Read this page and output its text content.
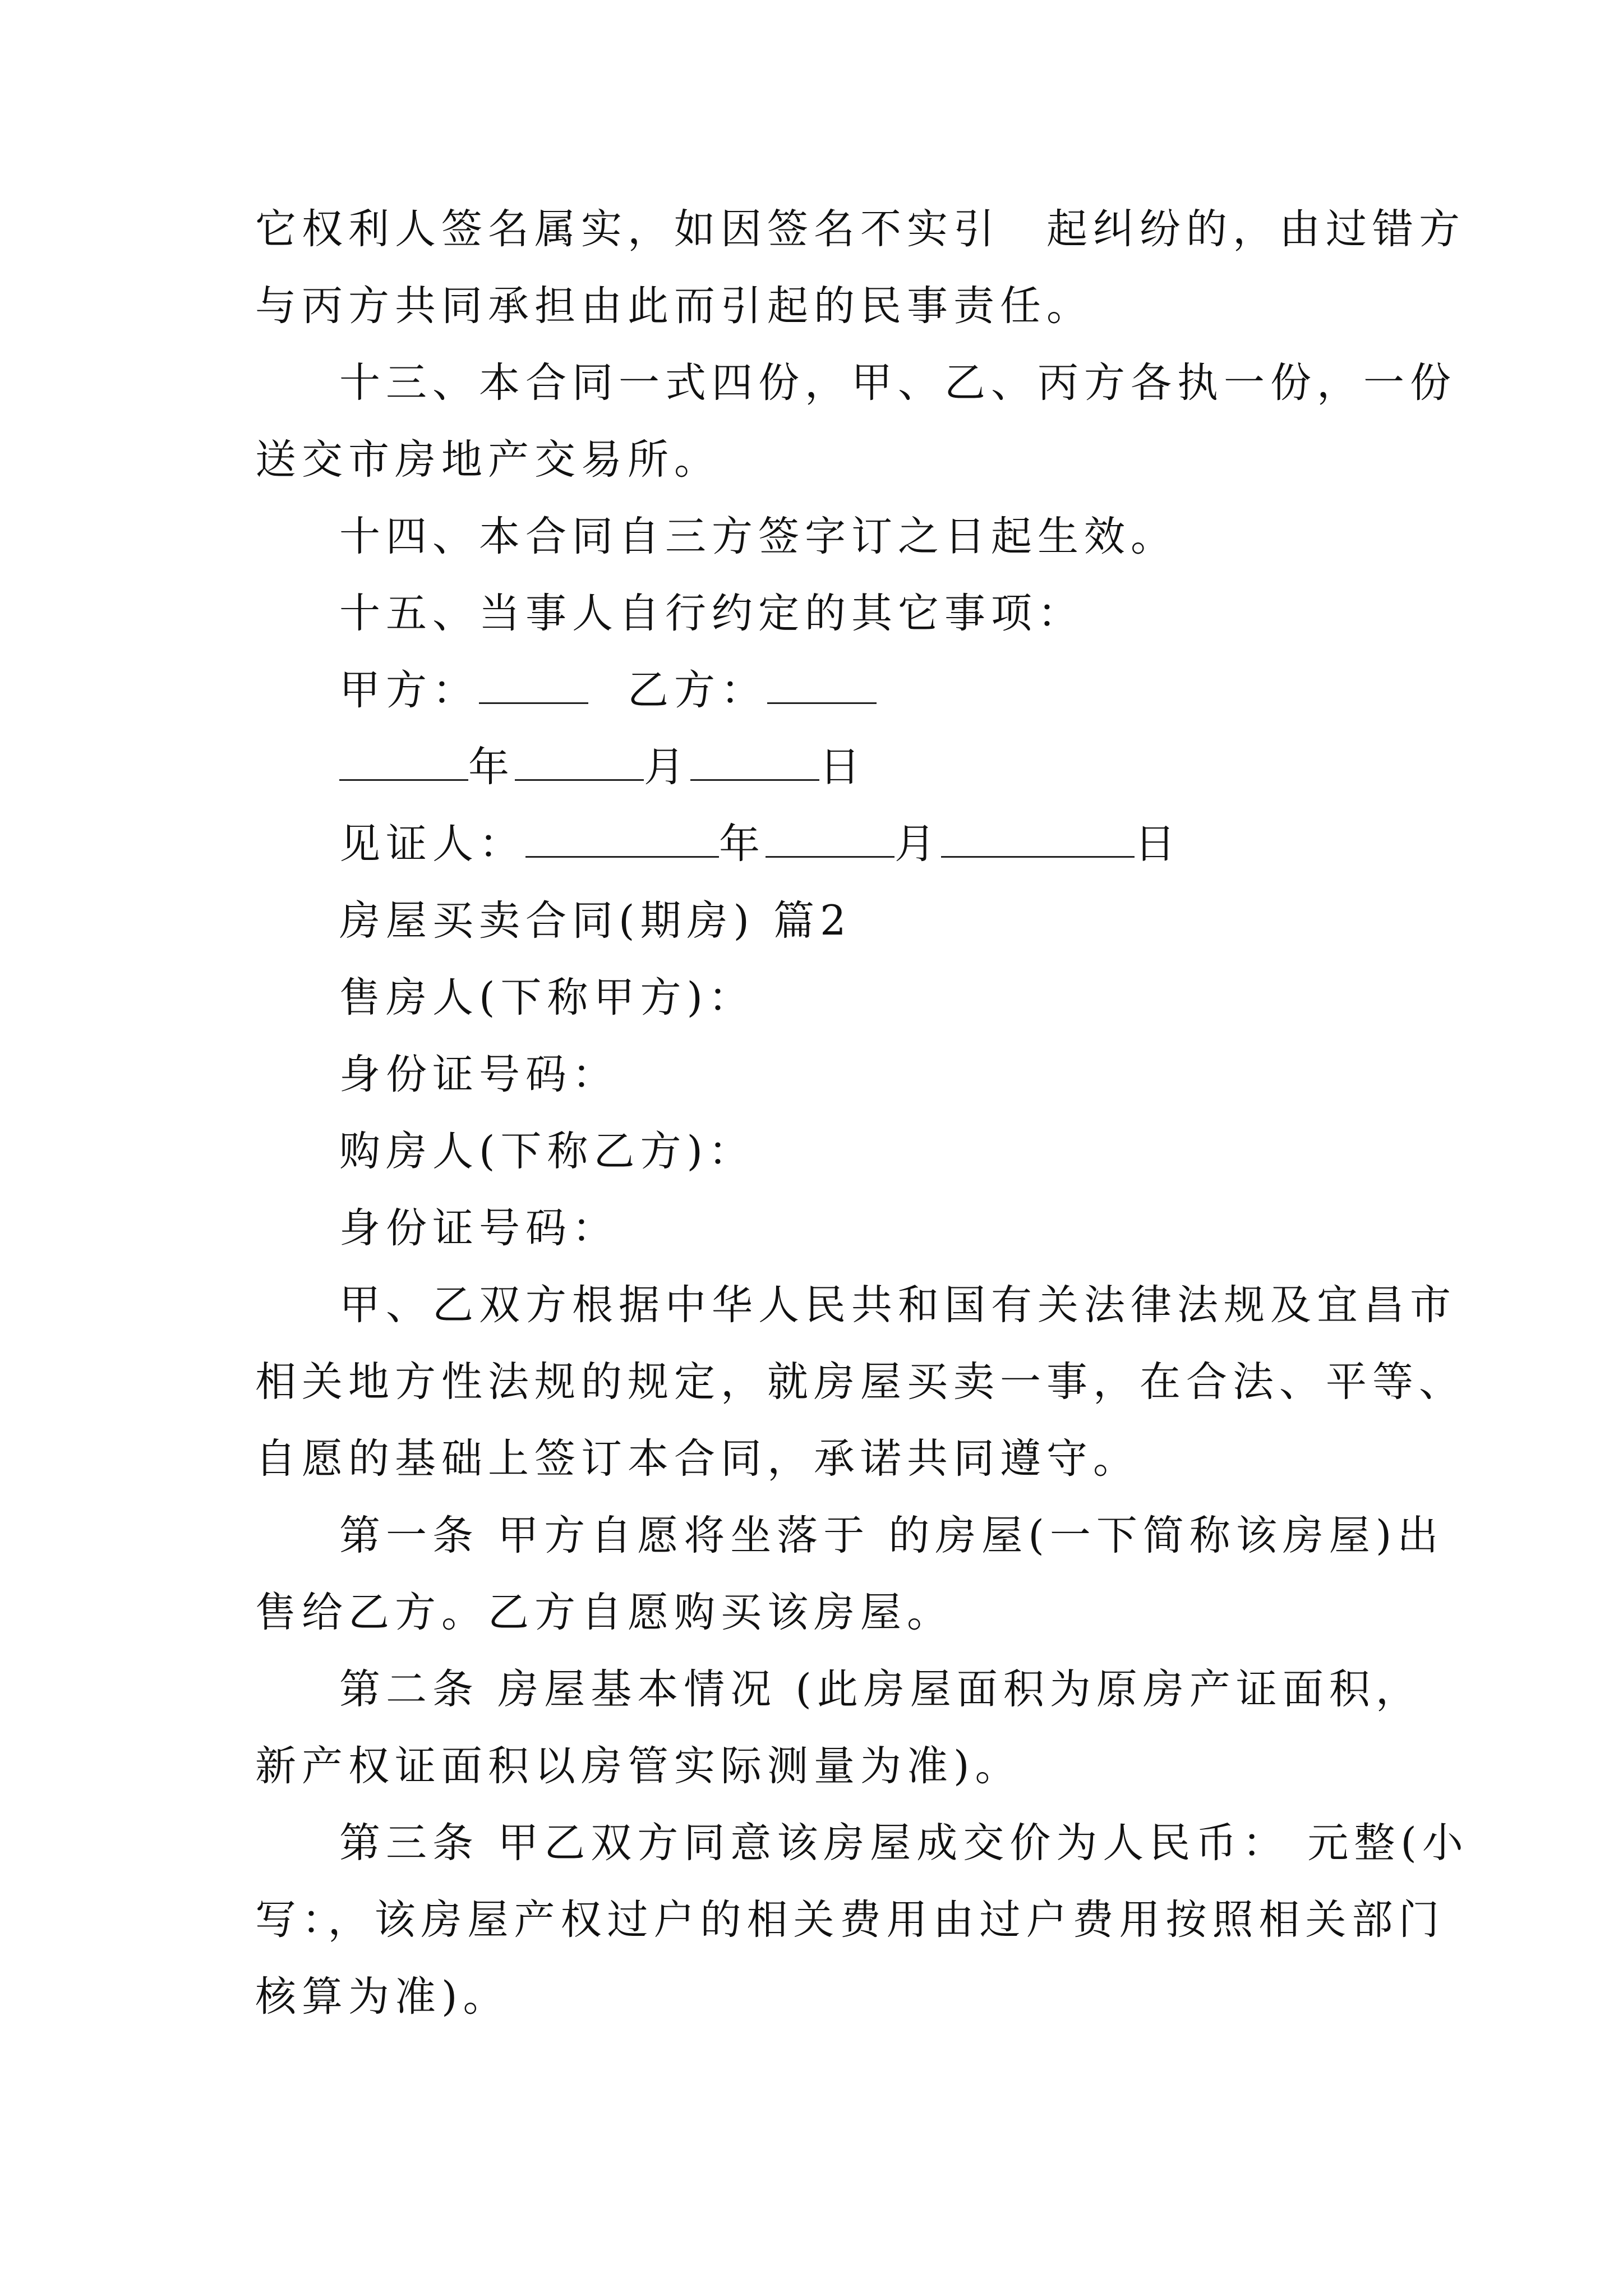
它权利人签名属实，如因签名不实引　起纠纷的，由过错方
与丙方共同承担由此而引起的民事责任。
十三、本合同一式四份，甲、乙、丙方各执一份，一份
送交市房地产交易所。
十四、本合同自三方签字订之日起生效。
十五、当事人自行约定的其它事项：
甲方：	乙方：
年	月	日
见证人：	年	月	日
房屋买卖合同(期房) 篇2
售房人(下称甲方)：
身份证号码：
购房人(下称乙方)：
身份证号码：
甲、乙双方根据中华人民共和国有关法律法规及宜昌市
相关地方性法规的规定，就房屋买卖一事，在合法、平等、
自愿的基础上签订本合同，承诺共同遵守。
第一条 甲方自愿将坐落于 的房屋(一下简称该房屋)出
售给乙方。乙方自愿购买该房屋。
第二条 房屋基本情况 (此房屋面积为原房产证面积，
新产权证面积以房管实际测量为准)。
第三条 甲乙双方同意该房屋成交价为人民币： 元整(小
写：，该房屋产权过户的相关费用由过户费用按照相关部门
核算为准)。
